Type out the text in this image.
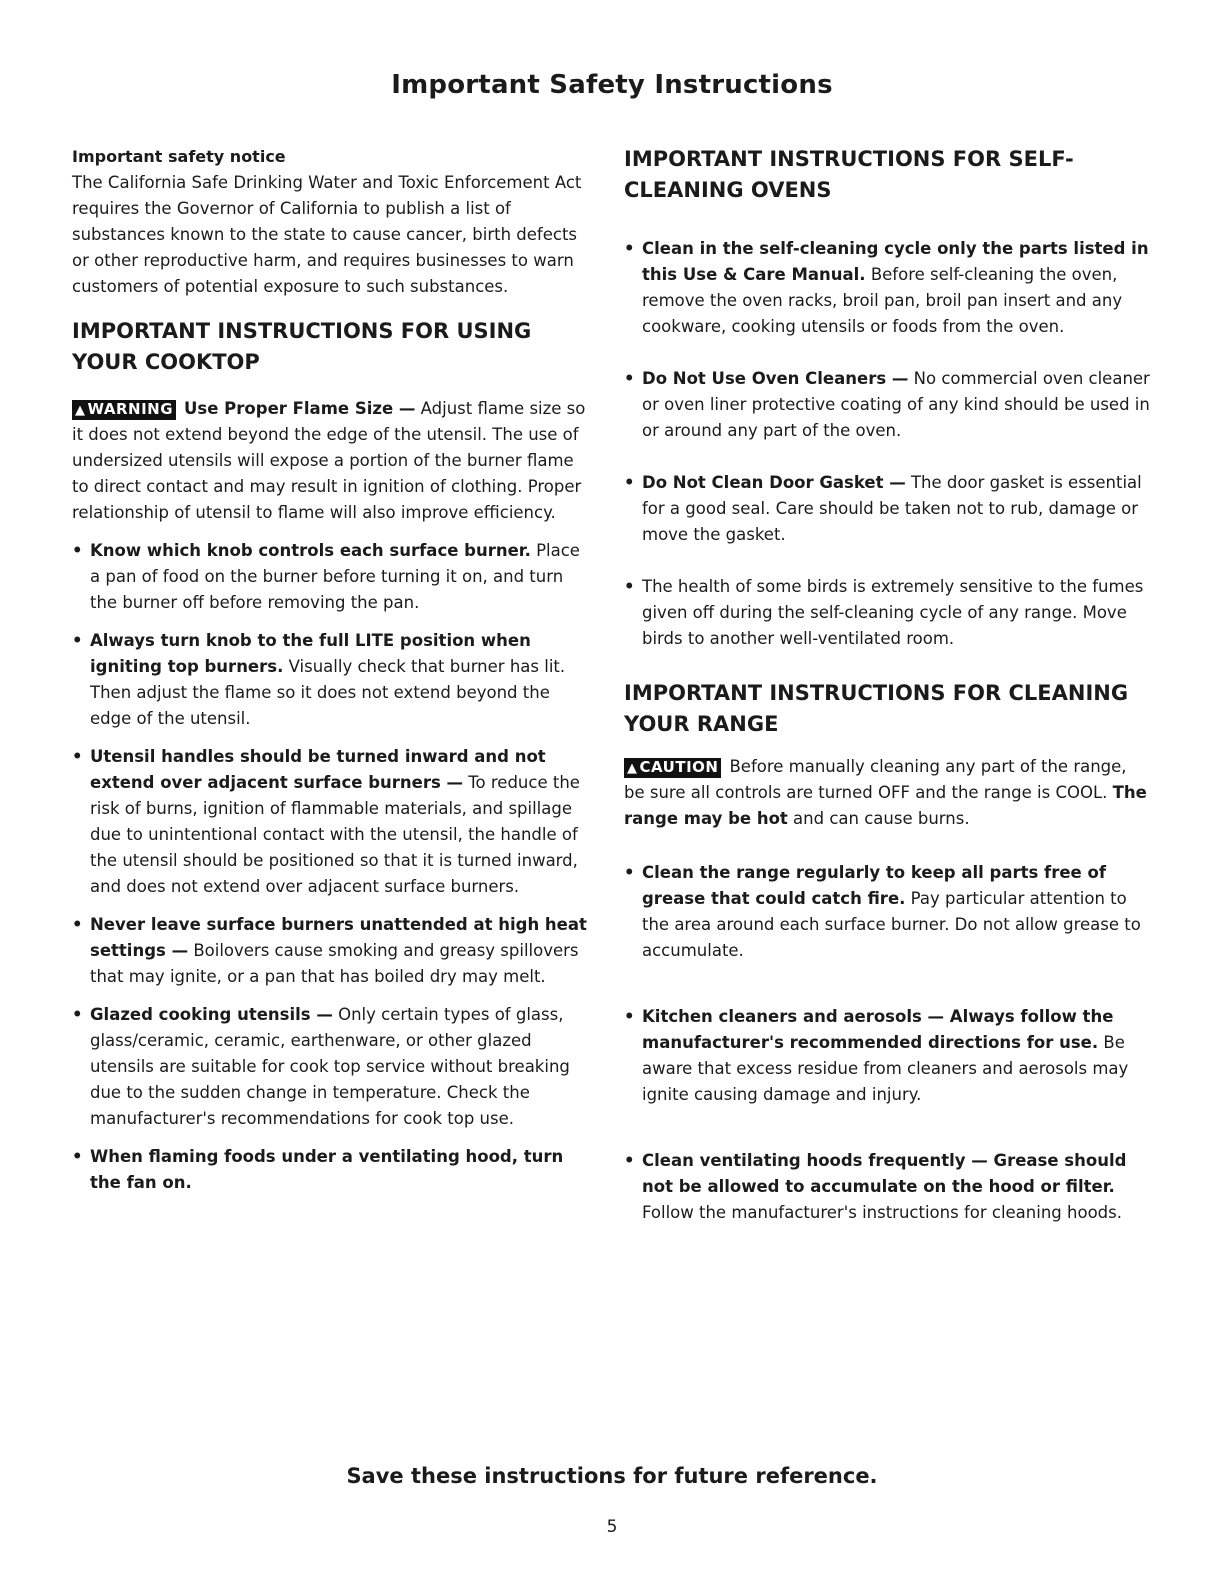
Important Safety Instructions
Important safety notice

The California Safe Drinking Water and Toxic Enforcement Act requires the Governor of California to publish a list of substances known to the state to cause cancer, birth defects or other reproductive harm, and requires businesses to warn customers of potential exposure to such substances.

IMPORTANT INSTRUCTIONS FOR USING YOUR COOKTOP

▲ WARNING Use Proper Flame Size — Adjust flame size so it does not extend beyond the edge of the utensil. The use of undersized utensils will expose a portion of the burner flame to direct contact and may result in ignition of clothing. Proper relationship of utensil to flame will also improve efficiency.

• Know which knob controls each surface burner. Place a pan of food on the burner before turning it on, and turn the burner off before removing the pan.
• Always turn knob to the full LITE position when igniting top burners. Visually check that burner has lit. Then adjust the flame so it does not extend beyond the edge of the utensil.
• Utensil handles should be turned inward and not extend over adjacent surface burners — To reduce the risk of burns, ignition of flammable materials, and spillage due to unintentional contact with the utensil, the handle of the utensil should be positioned so that it is turned inward, and does not extend over adjacent surface burners.
• Never leave surface burners unattended at high heat settings — Boilovers cause smoking and greasy spillovers that may ignite, or a pan that has boiled dry may melt.
• Glazed cooking utensils — Only certain types of glass, glass/ceramic, ceramic, earthenware, or other glazed utensils are suitable for cook top service without breaking due to the sudden change in temperature. Check the manufacturer's recommendations for cook top use.
• When flaming foods under a ventilating hood, turn the fan on.
IMPORTANT INSTRUCTIONS FOR SELF-CLEANING OVENS
• Clean in the self-cleaning cycle only the parts listed in this Use & Care Manual. Before self-cleaning the oven, remove the oven racks, broil pan, broil pan insert and any cookware, cooking utensils or foods from the oven.
• Do Not Use Oven Cleaners — No commercial oven cleaner or oven liner protective coating of any kind should be used in or around any part of the oven.
• Do Not Clean Door Gasket — The door gasket is essential for a good seal. Care should be taken not to rub, damage or move the gasket.
• The health of some birds is extremely sensitive to the fumes given off during the self-cleaning cycle of any range. Move birds to another well-ventilated room.
IMPORTANT INSTRUCTIONS FOR CLEANING YOUR RANGE

▲ CAUTION Before manually cleaning any part of the range, be sure all controls are turned OFF and the range is COOL. The range may be hot and can cause burns.

• Clean the range regularly to keep all parts free of grease that could catch fire. Pay particular attention to the area around each surface burner. Do not allow grease to accumulate.
• Kitchen cleaners and aerosols — Always follow the manufacturer's recommended directions for use. Be aware that excess residue from cleaners and aerosols may ignite causing damage and injury.
• Clean ventilating hoods frequently — Grease should not be allowed to accumulate on the hood or filter. Follow the manufacturer's instructions for cleaning hoods.
Save these instructions for future reference.
5
